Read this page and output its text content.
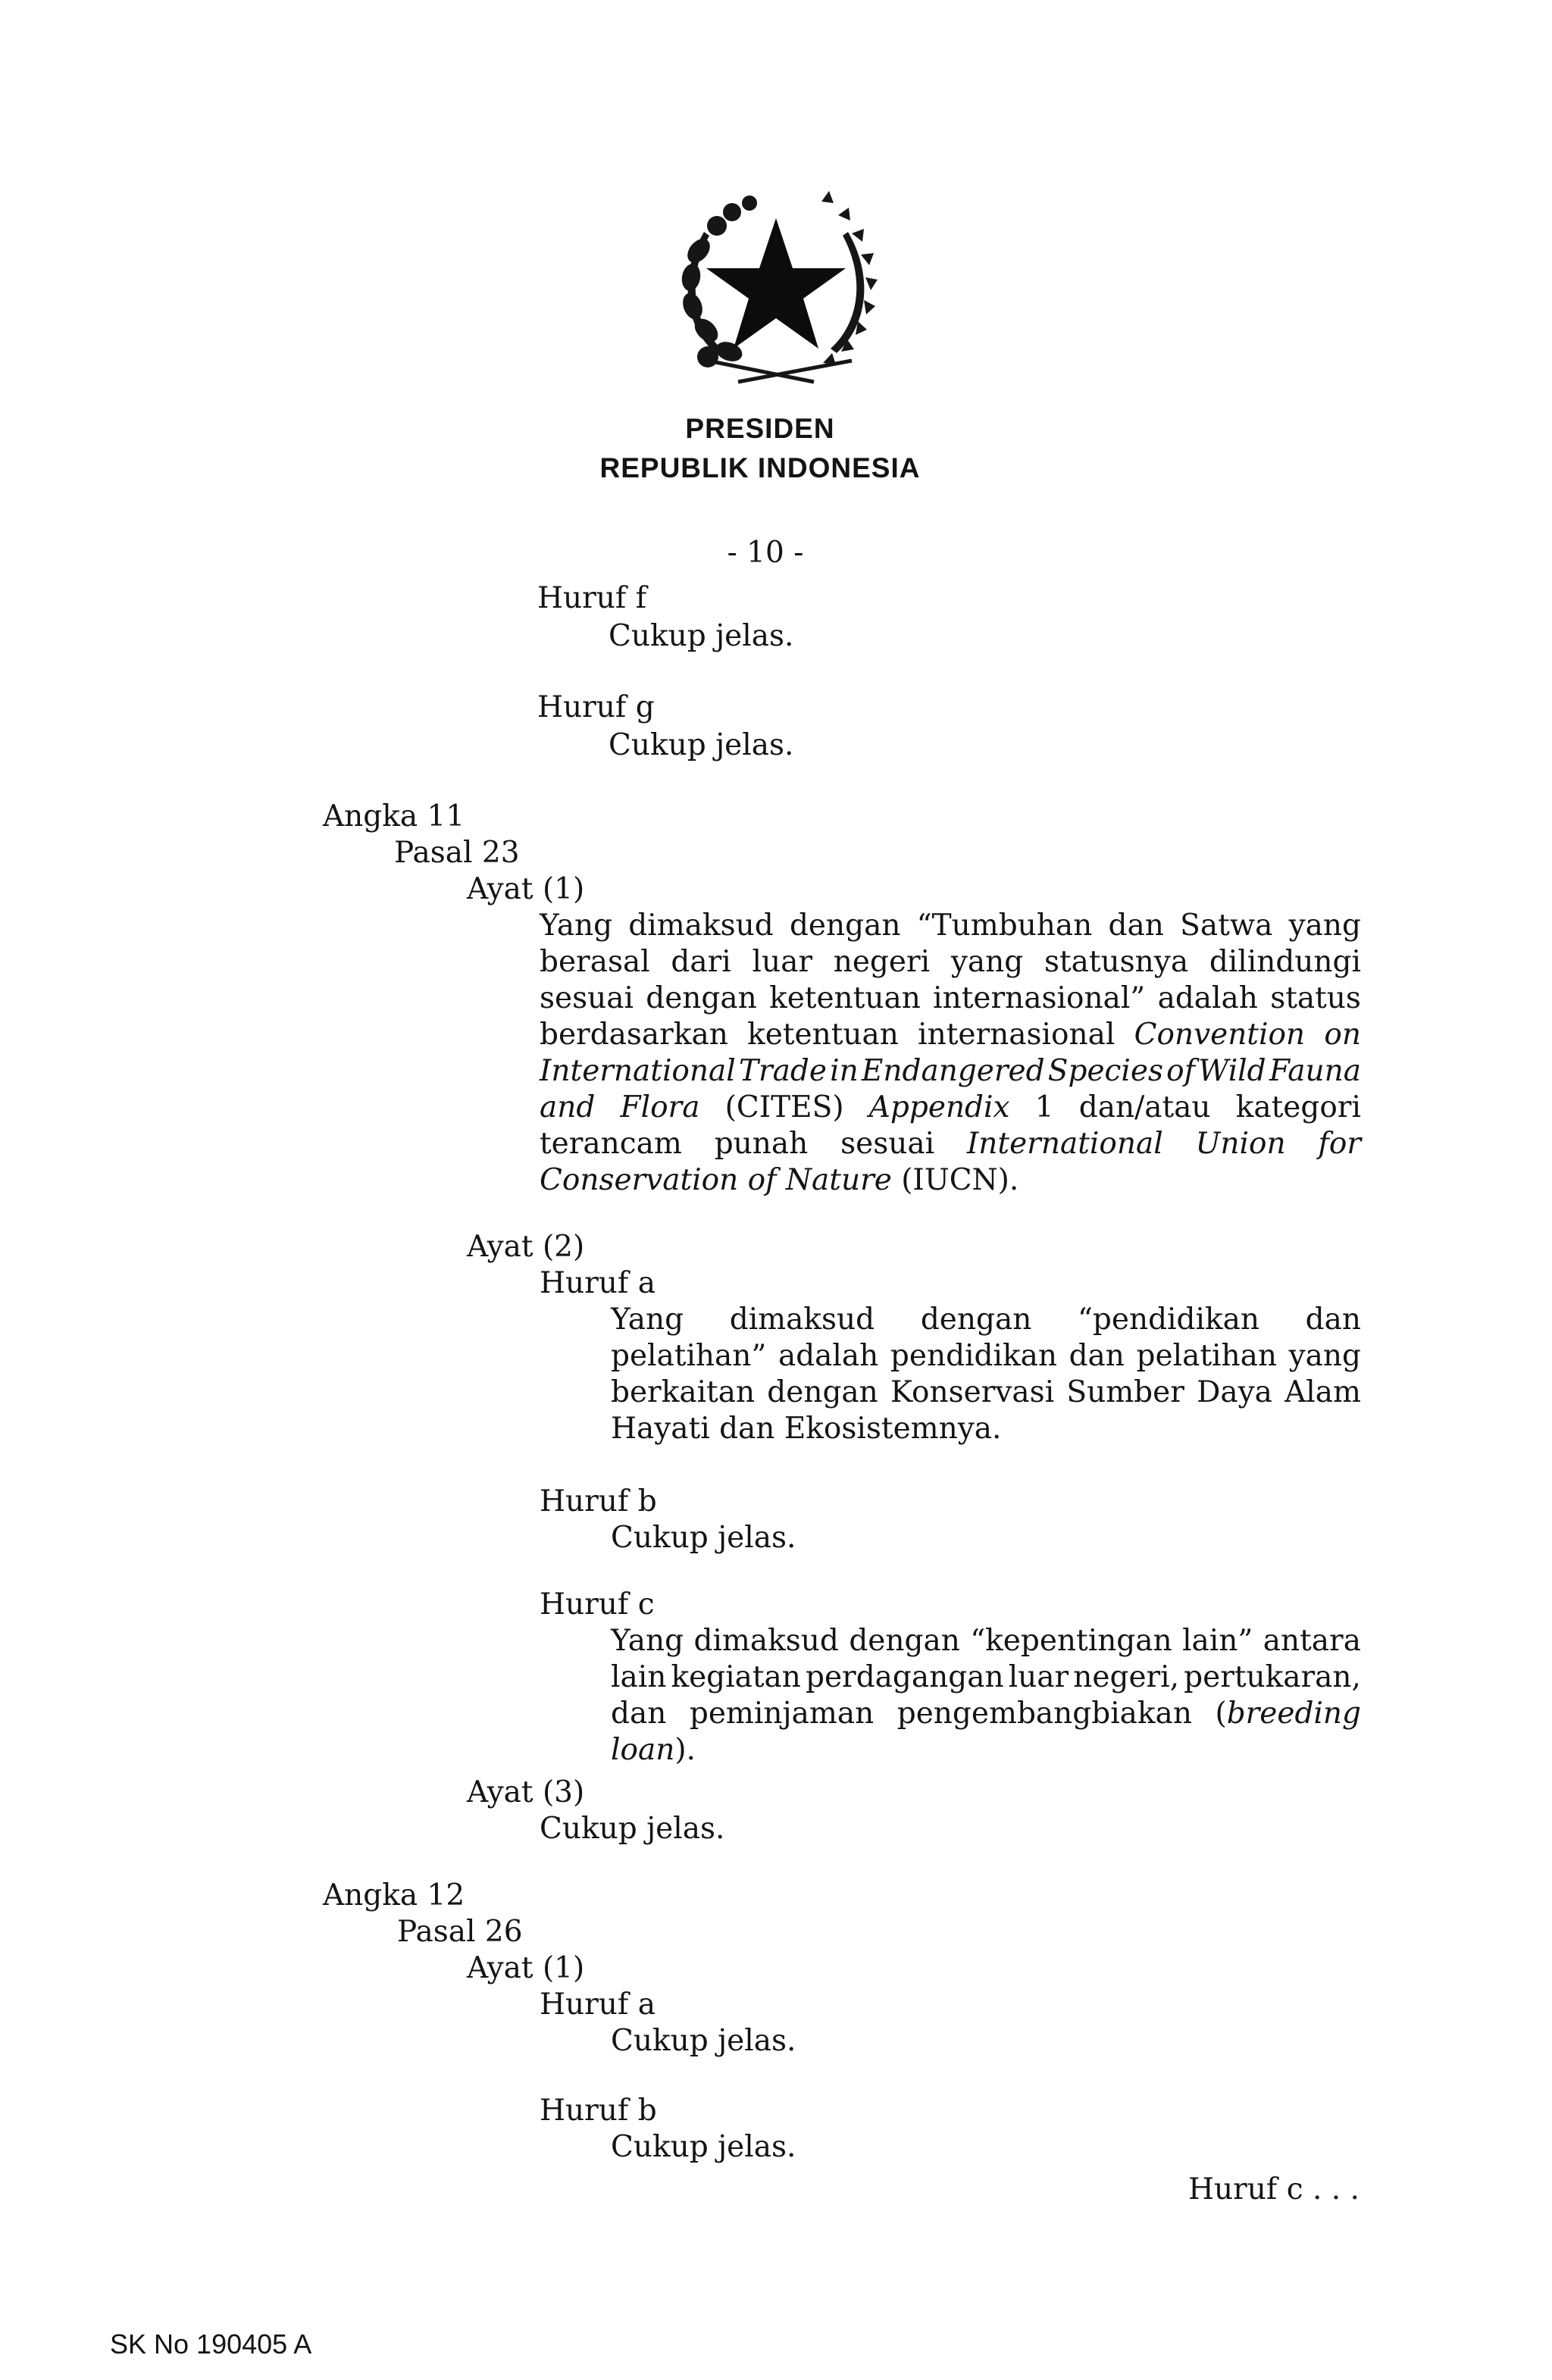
PRESIDEN
REPUBLIK INDONESIA
- 10 -
Huruf f
Cukup jelas.
Huruf g
Cukup jelas.
Angka 11
Pasal 23
Ayat (1)
Yang dimaksud dengan “Tumbuhan dan Satwa yang
berasal dari luar negeri yang statusnya dilindungi
sesuai dengan ketentuan internasional” adalah status
berdasarkan ketentuan internasional Convention on
International Trade in Endangered Species of Wild Fauna
and Flora (CITES) Appendix 1 dan/atau kategori
terancam punah sesuai International Union for
Conservation of Nature (IUCN).
Ayat (2)
Huruf a
Yang dimaksud dengan “pendidikan dan
pelatihan” adalah pendidikan dan pelatihan yang
berkaitan dengan Konservasi Sumber Daya Alam
Hayati dan Ekosistemnya.
Huruf b
Cukup jelas.
Huruf c
Yang dimaksud dengan “kepentingan lain” antara
lain kegiatan perdagangan luar negeri, pertukaran,
dan peminjaman pengembangbiakan (breeding
loan).
Ayat (3)
Cukup jelas.
Angka 12
Pasal 26
Ayat (1)
Huruf a
Cukup jelas.
Huruf b
Cukup jelas.
Huruf c . . .
SK No 190405 A
